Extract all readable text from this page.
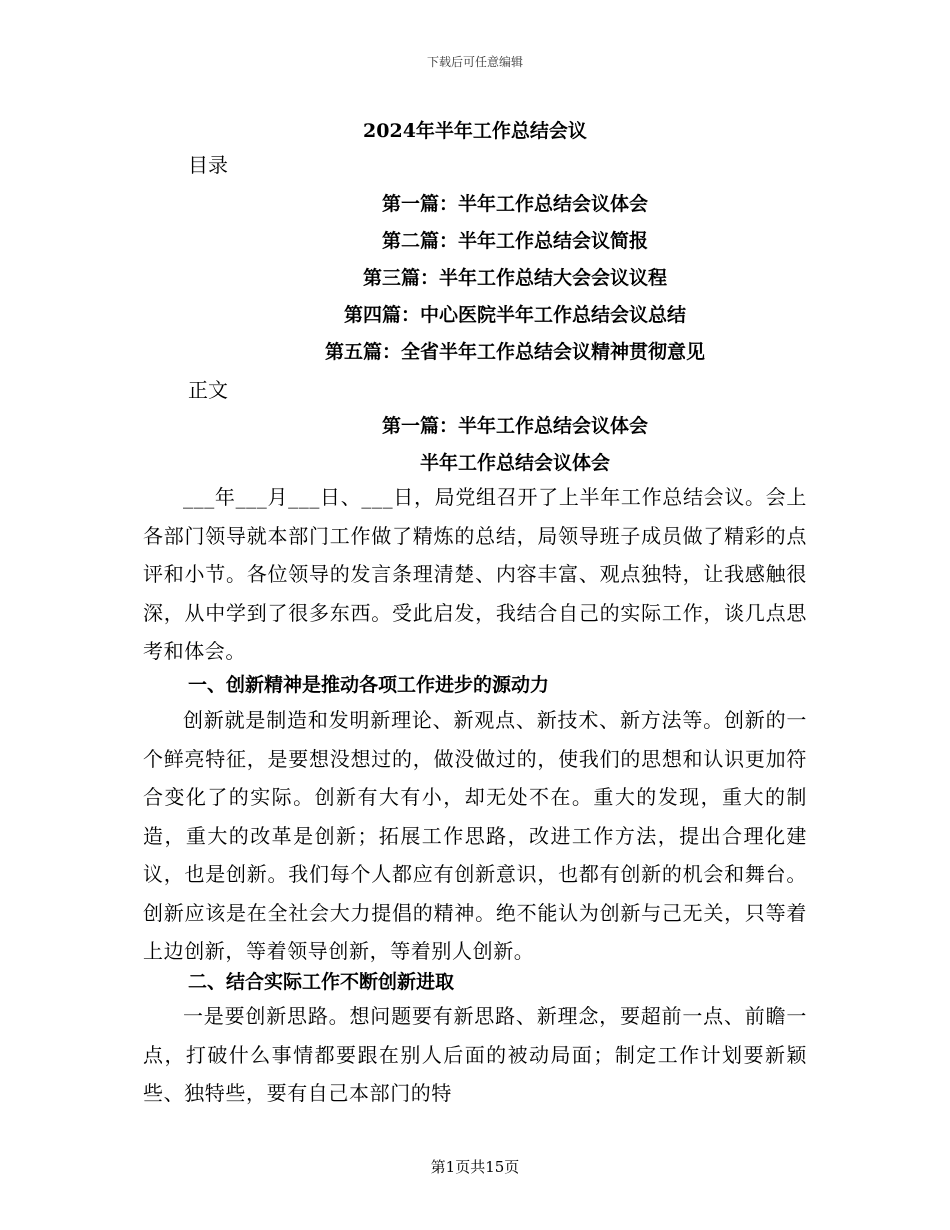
下载后可任意编辑
2024年半年工作总结会议
目录
第一篇：半年工作总结会议体会
第二篇：半年工作总结会议简报
第三篇：半年工作总结大会会议议程
第四篇：中心医院半年工作总结会议总结
第五篇：全省半年工作总结会议精神贯彻意见
正文
第一篇：半年工作总结会议体会
半年工作总结会议体会
___年___月___日、___日，局党组召开了上半年工作总结会议。会上各部门领导就本部门工作做了精炼的总结，局领导班子成员做了精彩的点评和小节。各位领导的发言条理清楚、内容丰富、观点独特，让我感触很深，从中学到了很多东西。受此启发，我结合自己的实际工作，谈几点思考和体会。
一、创新精神是推动各项工作进步的源动力
创新就是制造和发明新理论、新观点、新技术、新方法等。创新的一个鲜亮特征，是要想没想过的，做没做过的，使我们的思想和认识更加符合变化了的实际。创新有大有小，却无处不在。重大的发现，重大的制造，重大的改革是创新；拓展工作思路，改进工作方法，提出合理化建议，也是创新。我们每个人都应有创新意识，也都有创新的机会和舞台。创新应该是在全社会大力提倡的精神。绝不能认为创新与己无关，只等着上边创新，等着领导创新，等着别人创新。
二、结合实际工作不断创新进取
一是要创新思路。想问题要有新思路、新理念，要超前一点、前瞻一点，打破什么事情都要跟在别人后面的被动局面；制定工作计划要新颖些、独特些，要有自己本部门的特
第1页共15页
